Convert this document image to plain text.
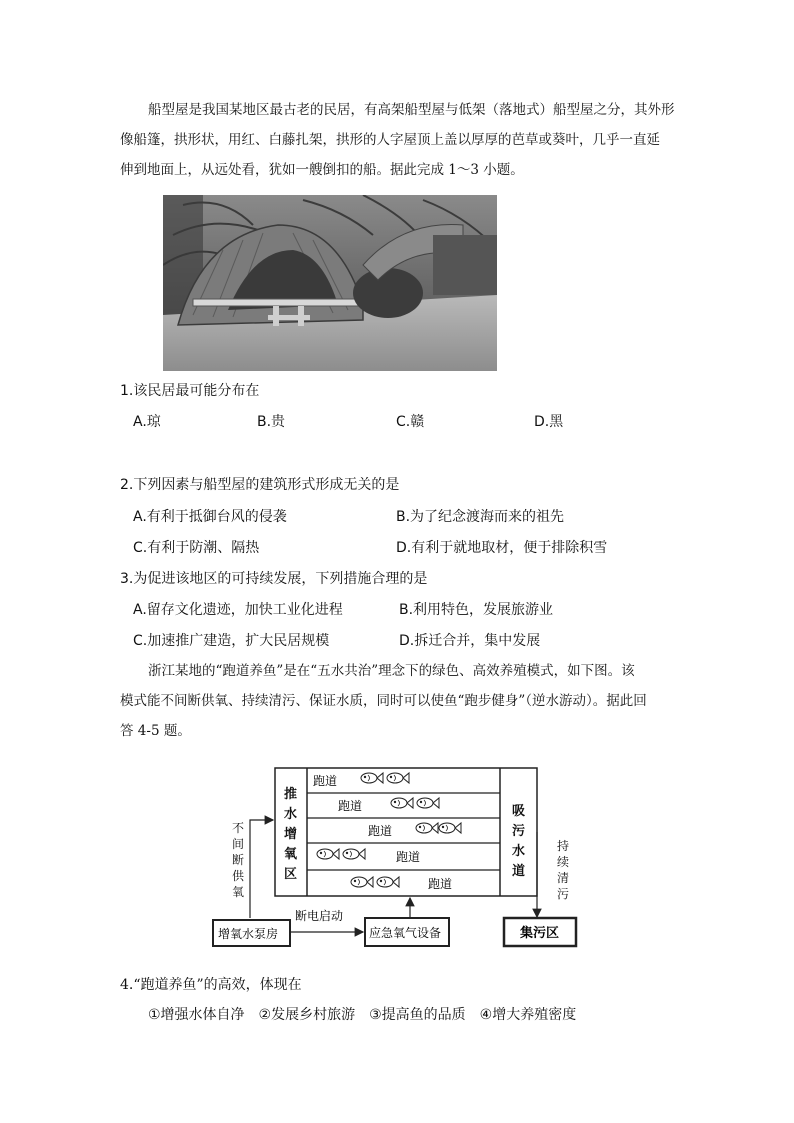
船型屋是我国某地区最古老的民居，有高架船型屋与低架（落地式）船型屋之分，其外形
像船篷，拱形状，用红、白藤扎架，拱形的人字屋顶上盖以厚厚的芭草或葵叶，几乎一直延
伸到地面上，从远处看，犹如一艘倒扣的船。据此完成 1～3 小题。
1.该民居最可能分布在
A.琼	B.贵	C.赣	D.黑
2.下列因素与船型屋的建筑形式形成无关的是
A.有利于抵御台风的侵袭	B.为了纪念渡海而来的祖先
C.有利于防潮、隔热	D.有利于就地取材，便于排除积雪
3.为促进该地区的可持续发展，下列措施合理的是
A.留存文化遗迹，加快工业化进程	B.利用特色，发展旅游业
C.加速推广建造，扩大民居规模	D.拆迁合并，集中发展
浙江某地的“跑道养鱼”是在“五水共治”理念下的绿色、高效养殖模式，如下图。该
模式能不间断供氧、持续清污、保证水质，同时可以使鱼“跑步健身”（逆水游动）。据此回
答 4-5 题。
推 水 增 氧 区
吸 污 水 道
跑道
跑道
跑道
跑道
跑道
不 间 断 供 氧
持 续 清 污
增氧水泵房
断电启动
应急氧气设备	集污区
4.“跑道养鱼”的高效，体现在
①增强水体自净　②发展乡村旅游　③提高鱼的品质　④增大养殖密度
